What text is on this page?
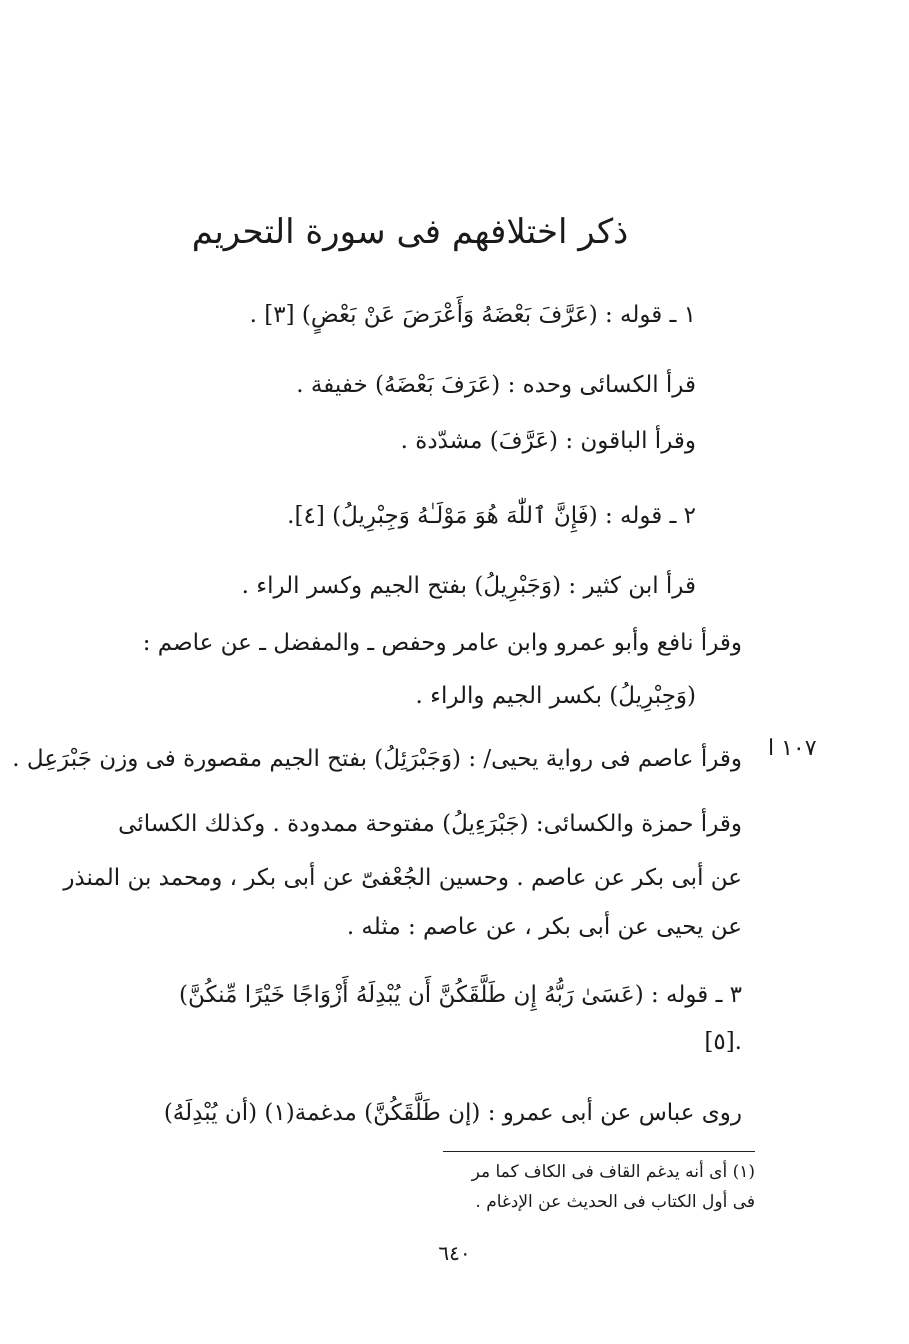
ذكر اختلافهم فى سورة التحريم
١ ـ قوله : (عَرَّفَ بَعْضَهُ وَأَعْرَضَ عَنْ بَعْضٍ) [٣] .
قرأ الكسائى وحده : (عَرَفَ بَعْضَهُ) خفيفة .
وقرأ الباقون : (عَرَّفَ) مشدّدة .
٢ ـ قوله : (فَإِنَّ ٱللّٰهَ هُوَ مَوْلَـٰهُ وَجِبْرِيلُ) [٤].
قرأ ابن كثير : (وَجَبْرِيلُ) بفتح الجيم وكسر الراء .
وقرأ نافع وأبو عمرو وابن عامر وحفص ـ والمفضل ـ عن عاصم :
(وَجِبْرِيلُ) بكسر الجيم والراء .
١٠٧ ا
وقرأ عاصم فى رواية يحيى/ : (وَجَبْرَئِلُ) بفتح الجيم مقصورة فى وزن جَبْرَعِل .
وقرأ حمزة والكسائى: (جَبْرَءِيلُ) مفتوحة ممدودة . وكذلك الكسائى
عن أبى بكر عن عاصم . وحسين الجُعْفىّ عن أبى بكر ، ومحمد بن المنذر
عن يحيى عن أبى بكر ، عن عاصم : مثله .
٣ ـ قوله : (عَسَىٰ رَبُّهُ إِن طَلَّقَكُنَّ أَن يُبْدِلَهُ أَزْوَاجًا خَيْرًا مِّنكُنَّ)
.[٥]
روى عباس عن أبى عمرو : (إن طَلَّقَكُنَّ) مدغمة(١) (أن يُبْدِلَهُ)
(١) أى أنه يدغم القاف فى الكاف كما مر
فى أول الكتاب فى الحديث عن الإدغام .
٦٤٠
